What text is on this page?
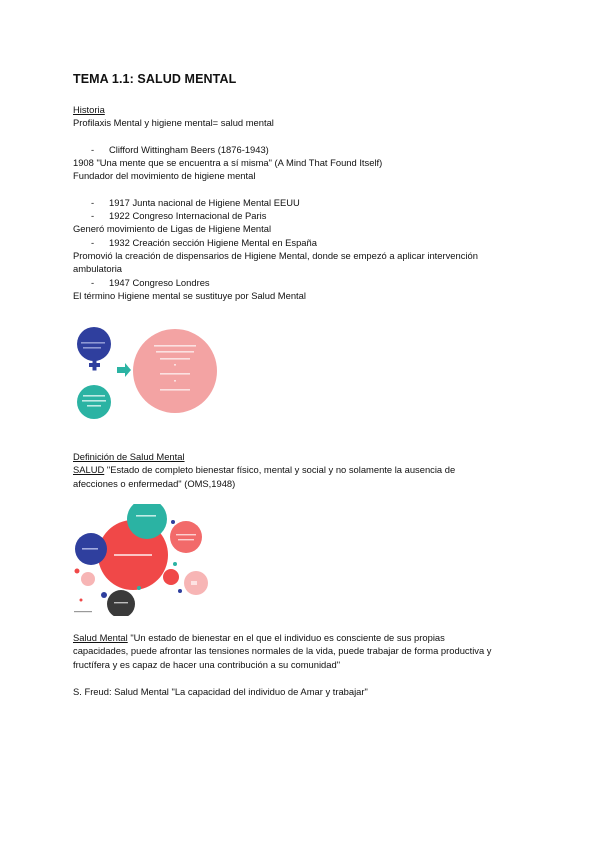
TEMA 1.1: SALUD MENTAL
Historia
Profilaxis Mental y higiene mental= salud mental
- Clifford Wittingham Beers (1876-1943)
1908 "Una mente que se encuentra a sí misma" (A Mind That Found Itself)
Fundador del movimiento de higiene mental
- 1917 Junta nacional de Higiene Mental EEUU
- 1922 Congreso Internacional de Paris
Generó movimiento de Ligas de Higiene Mental
- 1932 Creación sección Higiene Mental en España
Promovió la creación de dispensarios de Higiene Mental, donde se empezó a aplicar intervención
ambulatoria
- 1947 Congreso Londres
El término Higiene mental se sustituye por Salud Mental
Definición de Salud Mental
SALUD "Estado de completo bienestar físico, mental y social y no solamente la ausencia de
afecciones o enfermedad" (OMS,1948)
Salud Mental "Un estado de bienestar en el que el individuo es consciente de sus propias
capacidades, puede afrontar las tensiones normales de la vida, puede trabajar de forma productiva y
fructífera y es capaz de hacer una contribución a su comunidad"
S. Freud: Salud Mental "La capacidad del individuo de Amar y trabajar"
